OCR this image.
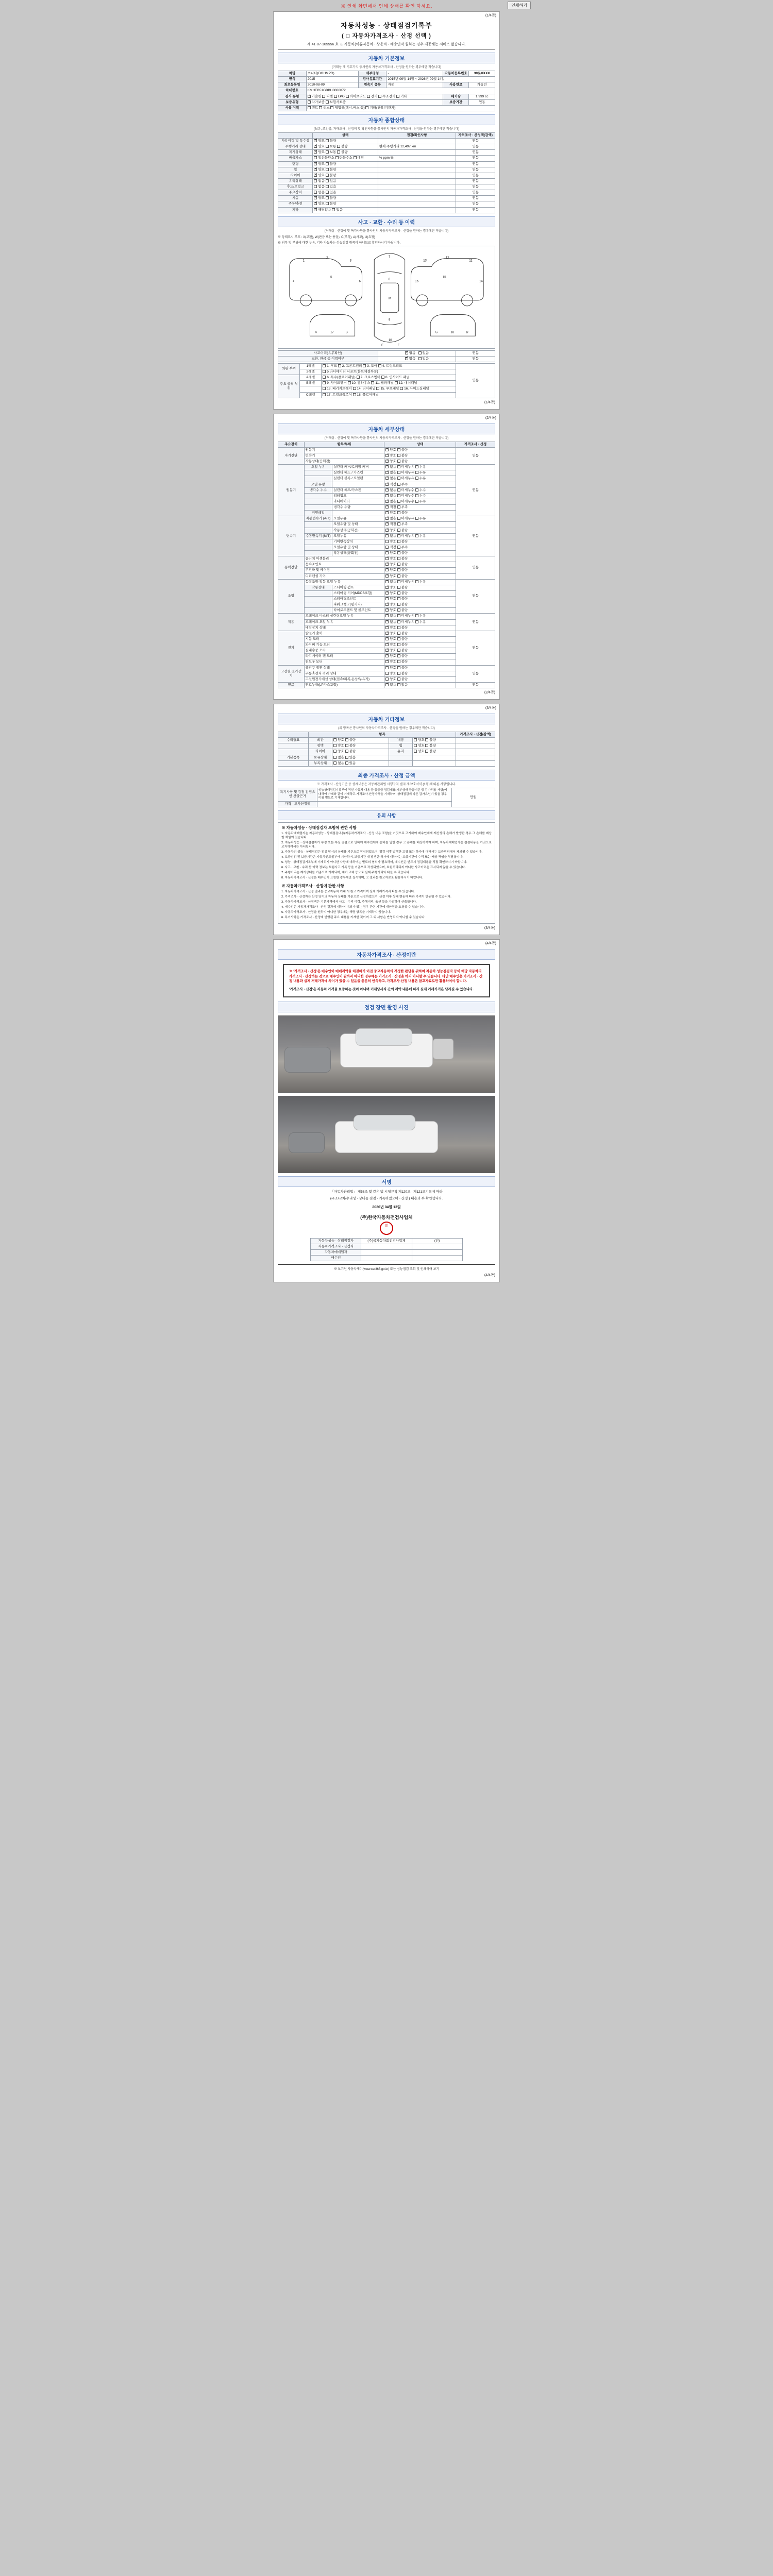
※ 인쇄 화면에서 인쇄 상태를 확인 하세요.	인쇄하기
(1/4쪽)
자동차성능 · 상태점검기록부
( □ 자동차가격조사 · 산정 선택 )
제 41-07-105556 호 ※ 자동차(이륜자동차 · 상용차 · 배송인약 원하는 경우 제공해는 서비스 없습니다.
자동차 기본정보
(거래상 개 기호가지 등사인의 자동차가격조사 · 산정을 원하는 경우에만 적습니다)
차명	쏘나타(DOHMPR)	세부명칭	-	자동차등록번호	39로XXXX
연식	2015	검사유효기간	2015년 09월 14일 ~ 2026년 09월 14일		
최초등록일	2010-08-09	변속기 종류	자동	사용연료	가솔린
차대번호	KMHEB51GBBU0000072				
검사 유형	✓가솔린 디젤 LPG 하이브리드 전기 수소전기 기타			배기량	1,999 cc
보증유형	✓자가보증 보험사보증			보증기간	연동
사용 이력	렌트 리스 영업용(택시,버스 등) 기타(관용/기관차)				
자동차 종합상태
(보유, 조검출, 거래조사 · 산정의 및 확인사항을 통사인의 자동차가격조사 · 산정을 원하는 경우에만 적습니다)
	상태	점검/확인사항	가격조사 · 산정액(감액)
사용이력 및 특수성	✓양호 불량		연동
주행거리 상태	✓양호 보통 불량	현재 주행거리 12,497 km	연동
계기상태	✓양호 보통 불량		연동
배출가스	일산화탄소 탄화수소 매연	% ppm %	연동
틴팅	✓양호 불량		연동
휠	✓양호 불량		연동
타이어	✓양호 불량		연동
유리상태	없음 있음		연동
후드/트렁크	없음 있음		연동
주요장치	없음 있음		연동
시동	✓양호 불량		연동
주유/충전	✓양호 불량		연동
기타	✓해당없음 있음		연동
사고 · 교환 · 수리 등 이력
(거래상 · 산정에 및 특가사항을 통사인의 자동차가격조사 · 산정을 원하는 경우에만 적습니다)
※ 상태표시 부호 : X(교환), W(판금 또는 용접), C(부식), A(사고), U(요청)
※ 외부 및 부위에 대한 누유, 기타 가능차는 성능점검 항목이 아니므로 확인하시기 바랍니다.
1
2
3
4
5
6
7
8
M
9
10
11
12
13
14
15
16
17
A	B	18
C	D
E	F
사고이력(유무확인)	✓없음 있음	연동
교환, 판금 등 이력여부	✓없음 있음	연동
외판 부위	1레벨	1. 후드 2. 프론트펜더 3. 도어 4. 트렁크리드	연동
	2레벨	5.라디에이터 서포트(볼트체결부품)	
주요 골격 부위	A레벨	6. 특수(플로어패널) 7. 크로스멤버 8. 인사이드 패널	
	B레벨	9. 사이드멤버 10. 휠하우스 11. 필러패널 12. 대쉬패널	
		13. 패키지트레이 14. 리어패널 15. 루프패널 16. 사이드실패널	
	C레벨	17. 트렁크플로어 18. 플로어패널	
(1/4쪽)
(2/4쪽)
자동차 세부상태
(거래상 · 산정에 및 특가사항을 통사인의 자동차가격조사 · 산정을 원하는 경우에만 적습니다)
주요장치	항목/부위		상태	가격조사 · 산정
자기진단	원동기	✓양호 불량	연동
	변속기	✓양호 불량
	작동상태(공회전)	✓양호 불량
원동기	오일 누유	실린더 커버/로커암 커버	✓없음 미세누유 누유	연동
		실린더 헤드 / 가스켓	✓없음 미세누유 누유
		실린더 블록 / 오일팬	✓없음 미세누유 누유
	오일 유량		✓적정 부족
	냉각수 누수	실린더 헤드/가스켓	✓없음 미세누수 누수
		워터펌프	✓없음 미세누수 누수
		라디에이터	✓없음 미세누수 누수
		냉각수 수량	✓적정 부족
	커먼레일		✓양호 불량
변속기	자동변속기 (A/T)	오일누유	✓없음 미세누유 누유	연동
		오일유량 및 상태	✓적정 부족
		작동상태(공회전)	✓양호 불량
	수동변속기 (M/T)	오일누유	없음 미세누유 누유	
		기어변속장치	양호 불량	
		오일유량 및 상태	적정 부족	
		작동상태(공회전)	양호 불량	
동력전달	클러치 어셈블리	✓양호 불량	연동
	등속조인트	✓양호 불량
	추진축 및 베어링	✓양호 불량
	디퍼렌셜 기어	✓양호 불량
조향	동력조향 작동 오일 누유	✓없음 미세누유 누유	연동
	작동상태	스티어링 펌프	✓양호 불량
		스티어링 기어(MDPS포함)	✓양호 불량
		스티어링조인트	✓양호 불량
		파워크랭크(링키지)	✓양호 불량
		타이로드엔드 및 볼조인트	✓양호 불량
제동	브레이크 마스터 실린더오일 누유	✓없음 미세누유 누유	연동
	브레이크 오일 누유	✓없음 미세누유 누유
	배력장치 상태	✓양호 불량
전기	발전기 출력	✓양호 불량	연동
	시동 모터	✓양호 불량
	와이퍼 기능 모터	✓양호 불량
	실내송풍 모터	✓양호 불량
	라디에이터 팬 모터	✓양호 불량
	윈도우 모터	✓양호 불량
고전원 전기장치	충전구 절연 상태		양호 불량	연동
	구동축전지 격리 상태		양호 불량	
	고전원전기배선 상태(접속/피복,손상/누유기)		양호 불량	
연료	연료누출(LP가스포함)	✓없음 있음	연동
(2/4쪽)
(3/4쪽)
자동차 기타정보
(외 항목은 통사인의 자동차가격조사 · 산정을 원하는 경우에만 적습니다)
	항목				가격조사 · 산정(감액)
수리필요	외판	양호 불량	내장	양호 불량	
	광택	양호 불량	휠	양호 불량	
	타이어	양호 불량	유리	양호 불량	
기본품목	보유상태	없음 있음			
	부족상태	없음 있음			
최종 가격조사 · 산정 금액
※ 가격조사 · 산정기준 등 상세내용은 자동차관리법 시행규칙 별지 제82호서식 (1쪽)에 따른 사항입니다.
특기사항 및 감점 감점요인 산출근거	성능상태점검기록부에 적힌 자동차 내용 등 등등급 점검내용(세부상태 등급기준 중 감가적용 사항)에 대하여 아래와 같이 기재하고 가격조사·산정가격을 기재하며, 상태점검에 따른 감가요인이 있을 경우 이를 별도로 기재합니다.	만원
가격 · 조사산정액		
유의 사항
※ 자동차성능 · 상태점검자 보험에 관한 사항

1. 자동차매매업자는 자동차성능 · 상태점검내용(자동차가격조사 · 산정 내용 포함)을 거짓으로 고지하여 매수인에게 재산상의 손해가 발생한 경우 그 손해를 배상할 책임이 있습니다.

2. 자동차성능 · 상태점검자가 부정 또는 부실 점검으로 인하여 매수인에게 손해를 입힌 경우 그 손해를 배상하여야 하며, 자동차매매업자는 점검내용을 거짓으로 고지하여서는 아니됩니다.

3. 자동차의 성능 · 상태점검은 점검 당시의 상태를 기준으로 작성되었으며, 점검 이후 발생한 고장 또는 하자에 대해서는 보증범위에서 제외될 수 있습니다.

4. 보증범위 및 보증기간은 자동차인도일부터 기산하며, 보증기간 내 발생한 하자에 대하여는 보증기관이 수리 또는 배상 책임을 부담합니다.

5. 성능 · 상태점검기록부에 기재되지 아니한 사항에 대하여는 별도의 협의가 필요하며, 매수인은 반드시 점검내용을 직접 확인하시기 바랍니다.

6. 사고 · 교환 · 수리 등 이력 정보는 보험사고 기록 등을 기준으로 작성되었으며, 보험처리되지 아니한 사고이력은 표시되지 않을 수 있습니다.

7. 주행거리는 계기상태를 기준으로 기재되며, 계기 교체 등으로 실제 주행거리와 다를 수 있습니다.

8. 자동차가격조사 · 산정은 매수인이 요청한 경우에만 실시하며, 그 결과는 참고자료로 활용하시기 바랍니다.

※ 자동차가격조사 · 산정에 관한 사항

1. 자동차가격조사 · 산정 결과는 중고자동차 거래 시 참고 가격이며 실제 거래가격과 다를 수 있습니다.

2. 가격조사 · 산정자는 산정 당시의 자동차 상태를 기준으로 산정하였으며, 산정 이후 상태 변동에 따라 가격이 변동될 수 있습니다.

3. 자동차가격조사 · 산정액은 기본가격에서 사고 · 수리 이력, 주행거리, 옵션 등을 가감하여 산출합니다.

4. 매수인은 자동차가격조사 · 산정 결과에 대하여 이의가 있는 경우 관련 기관에 재산정을 요청할 수 있습니다.

5. 자동차가격조사 · 산정을 원하지 아니한 경우에는 해당 항목을 기재하지 않습니다.

6. 특기사항은 가격조사 · 산정에 반영된 주요 내용을 기재한 것이며 그 외 사항은 반영되지 아니할 수 있습니다.

(3/4쪽)
(4/4쪽)
자동차가격조사 · 산정이란
※ '가격조사 · 산정'은 매수인이 매매계약을 체결하기 이전 중고자동차의 적정한 판단을 위하여 자동차 성능점검자 등이 해당 자동차의 가격조사 · 산정하는 것으로 매수인이 원하지 아니한 경우에는 가격조사 · 산정을 하지 아니할 수 있습니다. 다만 매수인은 가격조사 · 산정 내용과 실제 거래가격에 차이가 있을 수 있음을 충분히 인식하고, 가격조사·산정 내용은 참고자료로만 활용하여야 합니다.
'가격조사 · 산정'은 자동차 가격을 보증하는 것이 아니며 거래당사자 간의 계약 내용에 따라 실제 거래가격은 달라질 수 있습니다.
점검 장면 촬영 사진
서명
「자동차관리법」 제58조 및 같은 법 시행규칙 제120조 · 제121조기록에 따라
(구조/교차/수리성 · 상태를 점검 · 기록하였으며 · 산정 ) 내용과 부 확인합니다.
2026년 04월 13일
(주)한국자동차전검사업체
印
자동차성능 · 상태점검자	(주)국자동차회전검사업체	(인)
자동차가격조사 · 산정자		
자동차매매업자		
매수인		
※ 보기인 자동차제이(www.car365.go.kr) 또는 성능점검 조회 및 인쇄하여 보기
(4/4쪽)
